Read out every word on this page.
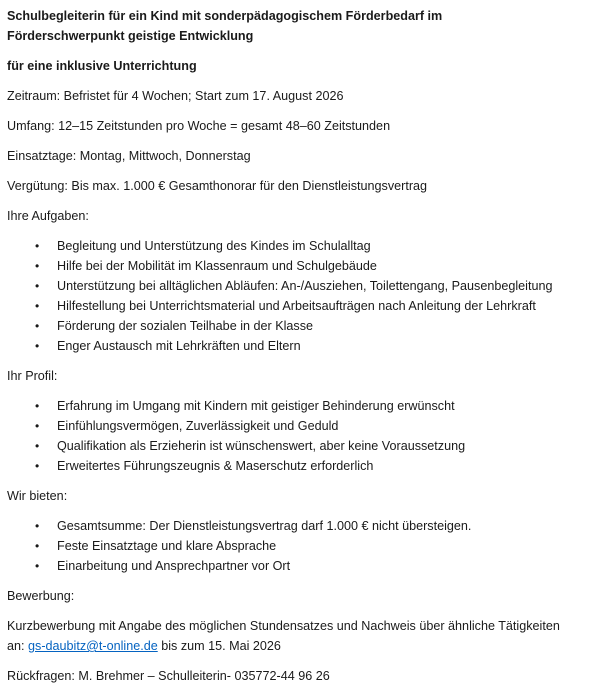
Schulbegleiterin für ein Kind mit sonderpädagogischem Förderbedarf im
Förderschwerpunkt geistige Entwicklung
für eine inklusive Unterrichtung

Zeitraum: Befristet für 4 Wochen; Start zum 17. August 2026

Umfang: 12–15 Zeitstunden pro Woche = gesamt 48–60 Zeitstunden

Einsatztage: Montag, Mittwoch, Donnerstag

Vergütung: Bis max. 1.000 € Gesamthonorar für den Dienstleistungsvertrag

Ihre Aufgaben:

• Begleitung und Unterstützung des Kindes im Schulalltag
• Hilfe bei der Mobilität im Klassenraum und Schulgebäude
• Unterstützung bei alltäglichen Abläufen: An-/Ausziehen, Toilettengang, Pausenbegleitung
• Hilfestellung bei Unterrichtsmaterial und Arbeitsaufträgen nach Anleitung der Lehrkraft
• Förderung der sozialen Teilhabe in der Klasse
• Enger Austausch mit Lehrkräften und Eltern

Ihr Profil:

• Erfahrung im Umgang mit Kindern mit geistiger Behinderung erwünscht
• Einfühlungsvermögen, Zuverlässigkeit und Geduld
• Qualifikation als Erzieherin ist wünschenswert, aber keine Voraussetzung
• Erweitertes Führungszeugnis & Maserschutz erforderlich

Wir bieten:

• Gesamtsumme: Der Dienstleistungsvertrag darf 1.000 € nicht übersteigen.
• Feste Einsatztage und klare Absprache
• Einarbeitung und Ansprechpartner vor Ort

Bewerbung:

Kurzbewerbung mit Angabe des möglichen Stundensatzes und Nachweis über ähnliche Tätigkeiten
an: gs-daubitz@t-online.de bis zum 15. Mai 2026

Rückfragen: M. Brehmer – Schulleiterin- 035772-44 96 26
